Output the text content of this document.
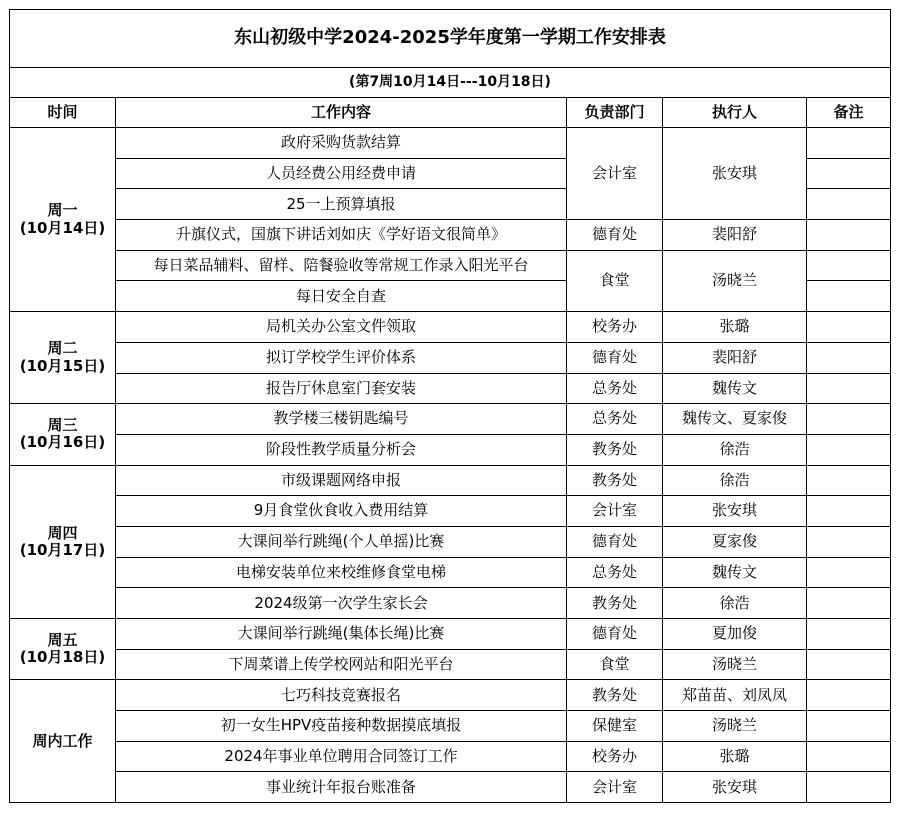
东山初级中学2024-2025学年度第一学期工作安排表				
(第7周10月14日---10月18日)				
时间	工作内容	负责部门	执行人	备注

周一
(10月14日)	政府采购货款结算	会计室	张安琪	
	人员经费公用经费申请			
	25一上预算填报			
	升旗仪式，国旗下讲话刘如庆《学好语文很简单》	德育处	裴阳舒	
	每日菜品辅料、留样、陪餐验收等常规工作录入阳光平台	食堂	汤晓兰	
	每日安全自查			

周二
(10月15日)	局机关办公室文件领取	校务办	张璐	
	拟订学校学生评价体系	德育处	裴阳舒	
	报告厅休息室门套安装	总务处	魏传文	

周三
(10月16日)	教学楼三楼钥匙编号	总务处	魏传文、夏家俊	
	阶段性教学质量分析会	教务处	徐浩	

周四
(10月17日)	市级课题网络申报	教务处	徐浩	
	9月食堂伙食收入费用结算	会计室	张安琪	
	大课间举行跳绳(个人单摇)比赛	德育处	夏家俊	
	电梯安装单位来校维修食堂电梯	总务处	魏传文	
	2024级第一次学生家长会	教务处	徐浩	

周五
(10月18日)	大课间举行跳绳(集体长绳)比赛	德育处	夏加俊	
	下周菜谱上传学校网站和阳光平台	食堂	汤晓兰	

周内工作	七巧科技竞赛报名	教务处	郑苗苗、刘凤凤	
	初一女生HPV疫苗接种数据摸底填报	保健室	汤晓兰	
	2024年事业单位聘用合同签订工作	校务办	张璐	
	事业统计年报台账准备	会计室	张安琪	
